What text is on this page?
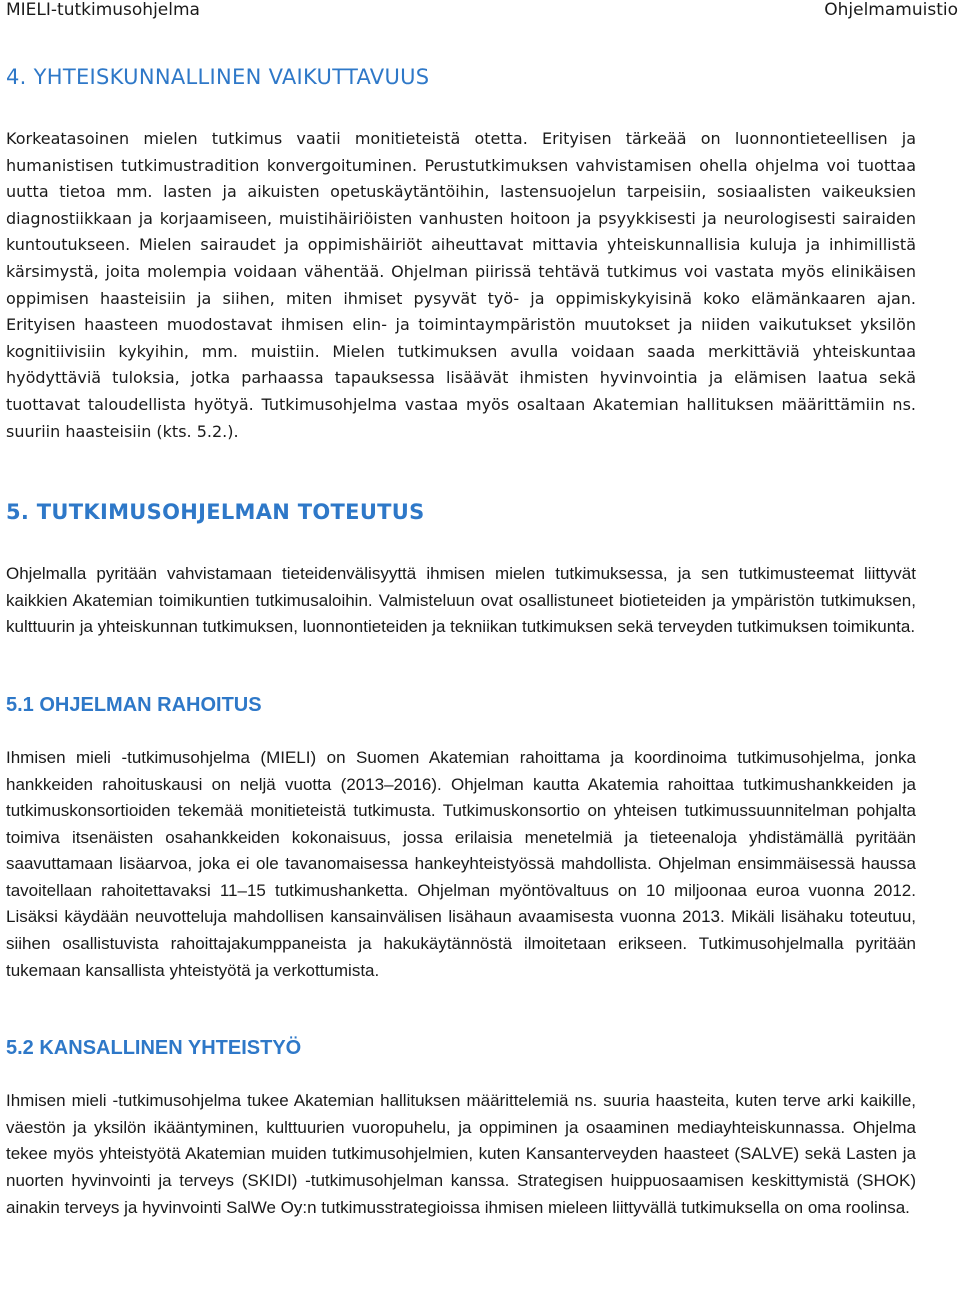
MIELI-tutkimusohjelma	Ohjelmamuistio
4. YHTEISKUNNALLINEN VAIKUTTAVUUS

Korkeatasoinen mielen tutkimus vaatii monitieteistä otetta. Erityisen tärkeää on luonnontieteellisen ja humanistisen tutkimustradition konvergoituminen. Perustutkimuksen vahvistamisen ohella ohjelma voi tuottaa uutta tietoa mm. lasten ja aikuisten opetuskäytäntöihin, lastensuojelun tarpeisiin, sosiaalisten vaikeuksien diagnostiikkaan ja korjaamiseen, muistihäiriöisten vanhusten hoitoon ja psyykkisesti ja neurologisesti sairaiden kuntoutukseen. Mielen sairaudet ja oppimishäiriöt aiheuttavat mittavia yhteiskunnallisia kuluja ja inhimillistä kärsimystä, joita molempia voidaan vähentää. Ohjelman piirissä tehtävä tutkimus voi vastata myös elinikäisen oppimisen haasteisiin ja siihen, miten ihmiset pysyvät työ- ja oppimiskykyisinä koko elämänkaaren ajan. Erityisen haasteen muodostavat ihmisen elin- ja toimintaympäristön muutokset ja niiden vaikutukset yksilön kognitiivisiin kykyihin, mm. muistiin. Mielen tutkimuksen avulla voidaan saada merkittäviä yhteiskuntaa hyödyttäviä tuloksia, jotka parhaassa tapauksessa lisäävät ihmisten hyvinvointia ja elämisen laatua sekä tuottavat taloudellista hyötyä. Tutkimusohjelma vastaa myös osaltaan Akatemian hallituksen määrittämiin ns. suuriin haasteisiin (kts. 5.2.).

5. TUTKIMUSOHJELMAN TOTEUTUS

Ohjelmalla pyritään vahvistamaan tieteidenvälisyyttä ihmisen mielen tutkimuksessa, ja sen tutkimusteemat liittyvät kaikkien Akatemian toimikuntien tutkimusaloihin. Valmisteluun ovat osallistuneet biotieteiden ja ympäristön tutkimuksen, kulttuurin ja yhteiskunnan tutkimuksen, luonnontieteiden ja tekniikan tutkimuksen sekä terveyden tutkimuksen toimikunta.

5.1 OHJELMAN RAHOITUS

Ihmisen mieli -tutkimusohjelma (MIELI) on Suomen Akatemian rahoittama ja koordinoima tutkimusohjelma, jonka hankkeiden rahoituskausi on neljä vuotta (2013–2016). Ohjelman kautta Akatemia rahoittaa tutkimushankkeiden ja tutkimuskonsortioiden tekemää monitieteistä tutkimusta. Tutkimuskonsortio on yhteisen tutkimussuunnitelman pohjalta toimiva itsenäisten osahankkeiden kokonaisuus, jossa erilaisia menetelmiä ja tieteenaloja yhdistämällä pyritään saavuttamaan lisäarvoa, joka ei ole tavanomaisessa hankeyhteistyössä mahdollista. Ohjelman ensimmäisessä haussa tavoitellaan rahoitettavaksi 11–15 tutkimushanketta. Ohjelman myöntövaltuus on 10 miljoonaa euroa vuonna 2012. Lisäksi käydään neuvotteluja mahdollisen kansainvälisen lisähaun avaamisesta vuonna 2013. Mikäli lisähaku toteutuu, siihen osallistuvista rahoittajakumppaneista ja hakukäytännöstä ilmoitetaan erikseen. Tutkimusohjelmalla pyritään tukemaan kansallista yhteistyötä ja verkottumista.

5.2 KANSALLINEN YHTEISTYÖ

Ihmisen mieli -tutkimusohjelma tukee Akatemian hallituksen määrittelemiä ns. suuria haasteita, kuten terve arki kaikille, väestön ja yksilön ikääntyminen, kulttuurien vuoropuhelu, ja oppiminen ja osaaminen mediayhteiskunnassa. Ohjelma tekee myös yhteistyötä Akatemian muiden tutkimusohjelmien, kuten Kansanterveyden haasteet (SALVE) sekä Lasten ja nuorten hyvinvointi ja terveys (SKIDI) -tutkimusohjelman kanssa. Strategisen huippuosaamisen keskittymistä (SHOK) ainakin terveys ja hyvinvointi SalWe Oy:n tutkimusstrategioissa ihmisen mieleen liittyvällä tutkimuksella on oma roolinsa.
